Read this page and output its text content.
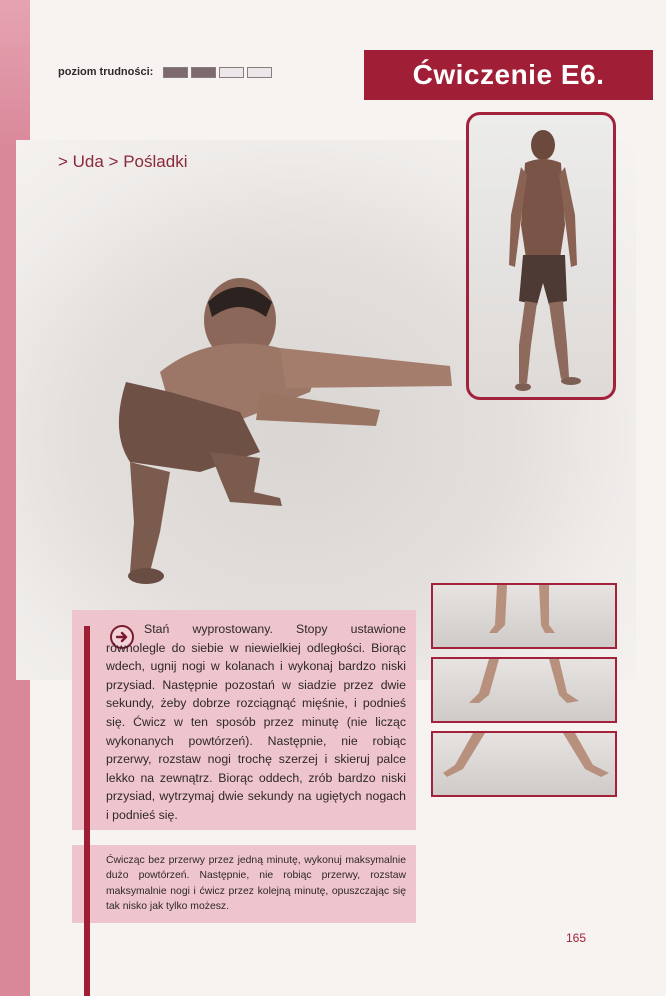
poziom trudności:	Ćwiczenie E6.
> Uda > Pośladki

Stań wyprostowany. Stopy ustawione równolegle do siebie w niewielkiej odległości. Biorąc wdech, ugnij nogi w kolanach i wykonaj bardzo niski przysiad. Następnie pozostań w siadzie przez dwie sekundy, żeby dobrze rozciągnąć mięśnie, i podnieś się. Ćwicz w ten sposób przez minutę (nie licząc wykonanych powtórzeń). Następnie, nie robiąc przerwy, rozstaw nogi trochę szerzej i skieruj palce lekko na zewnątrz. Biorąc oddech, zrób bardzo niski przysiad, wytrzymaj dwie sekundy na ugiętych nogach i podnieś się.

Ćwicząc bez przerwy przez jedną minutę, wykonuj maksymalnie dużo powtórzeń. Następnie, nie robiąc przerwy, rozstaw maksymalnie nogi i ćwicz przez kolejną minutę, opuszczając się tak nisko jak tylko możesz.

165
